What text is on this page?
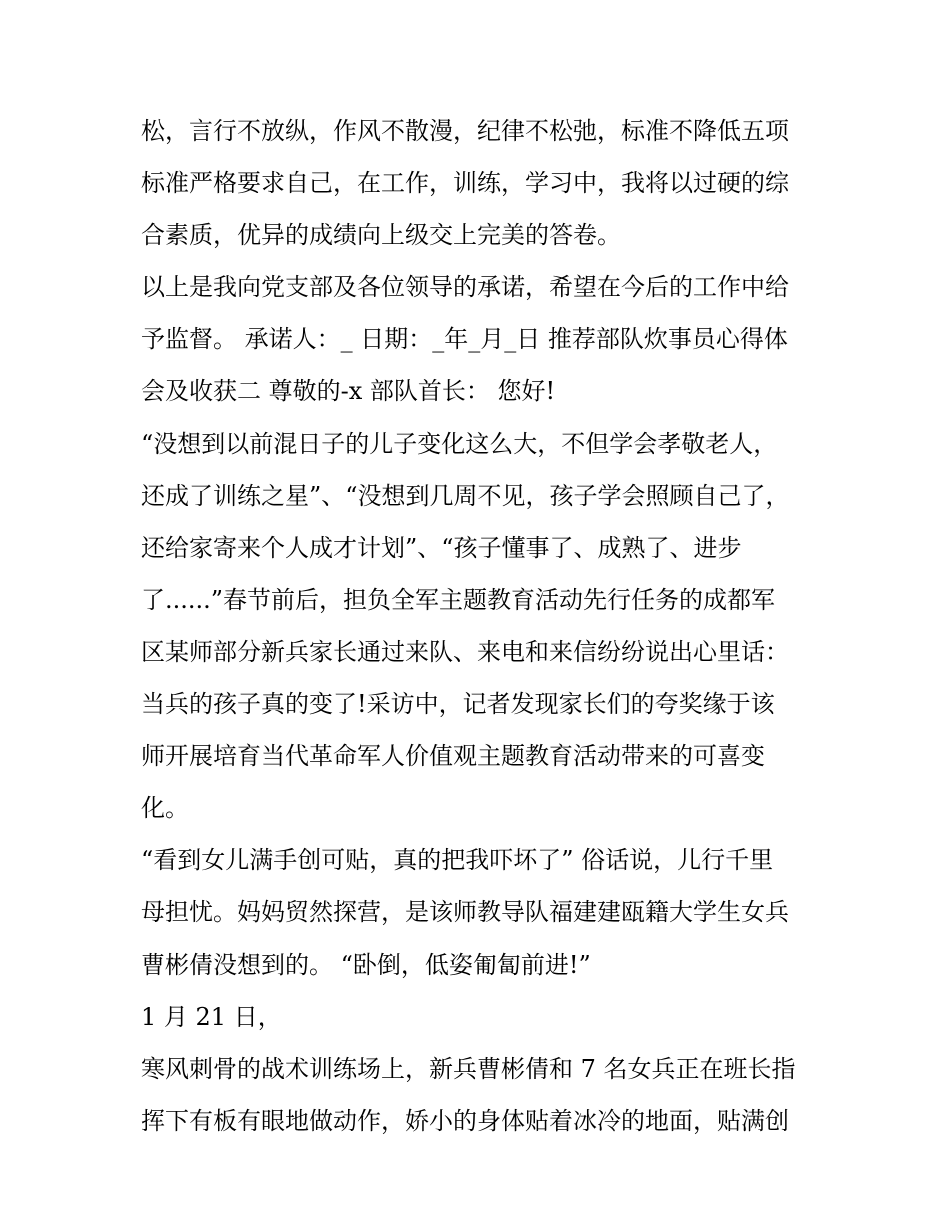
松，言行不放纵，作风不散漫，纪律不松弛，标准不降低五项
标准严格要求自己，在工作，训练，学习中，我将以过硬的综
合素质，优异的成绩向上级交上完美的答卷。
以上是我向党支部及各位领导的承诺，希望在今后的工作中给
予监督。 承诺人：_ 日期：_年_月_日 推荐部队炊事员心得体
会及收获二 尊敬的-x 部队首长： 您好!
“没想到以前混日子的儿子变化这么大，不但学会孝敬老人，
还成了训练之星”、“没想到几周不见，孩子学会照顾自己了，
还给家寄来个人成才计划”、“孩子懂事了、成熟了、进步
了......”春节前后，担负全军主题教育活动先行任务的成都军
区某师部分新兵家长通过来队、来电和来信纷纷说出心里话：
当兵的孩子真的变了!采访中，记者发现家长们的夸奖缘于该
师开展培育当代革命军人价值观主题教育活动带来的可喜变
化。
“看到女儿满手创可贴，真的把我吓坏了” 俗话说，儿行千里
母担忧。妈妈贸然探营，是该师教导队福建建瓯籍大学生女兵
曹彬倩没想到的。 “卧倒，低姿匍匐前进!”
1 月 21 日，
寒风刺骨的战术训练场上，新兵曹彬倩和 7 名女兵正在班长指
挥下有板有眼地做动作，娇小的身体贴着冰冷的地面，贴满创
